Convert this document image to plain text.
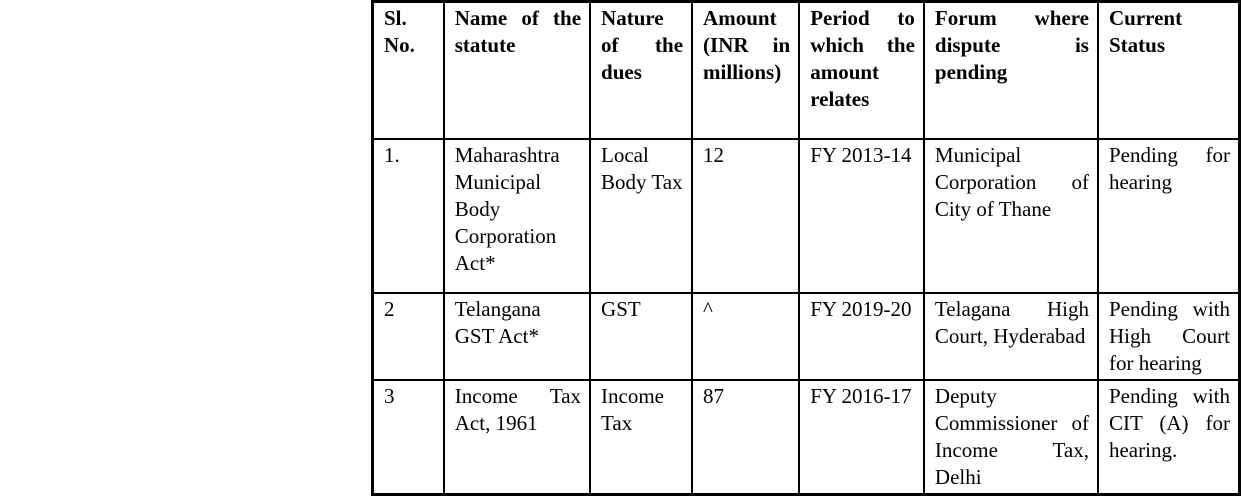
Sl. No.	Name of the statute	Nature of the dues	Amount (INR in millions)	Period to which the amount relates	Forum where dispute is pending	Current Status
1.	Maharashtra Municipal Body Corporation Act*	Local Body Tax	12	FY 2013-14	Municipal Corporation of City of Thane	Pending for hearing
2	Telangana GST Act*	GST	^	FY 2019-20	Telagana High Court, Hyderabad	Pending with High Court for hearing
3	Income Tax Act, 1961	Income Tax	87	FY 2016-17	Deputy Commissioner of Income Tax, Delhi	Pending with CIT (A) for hearing.
